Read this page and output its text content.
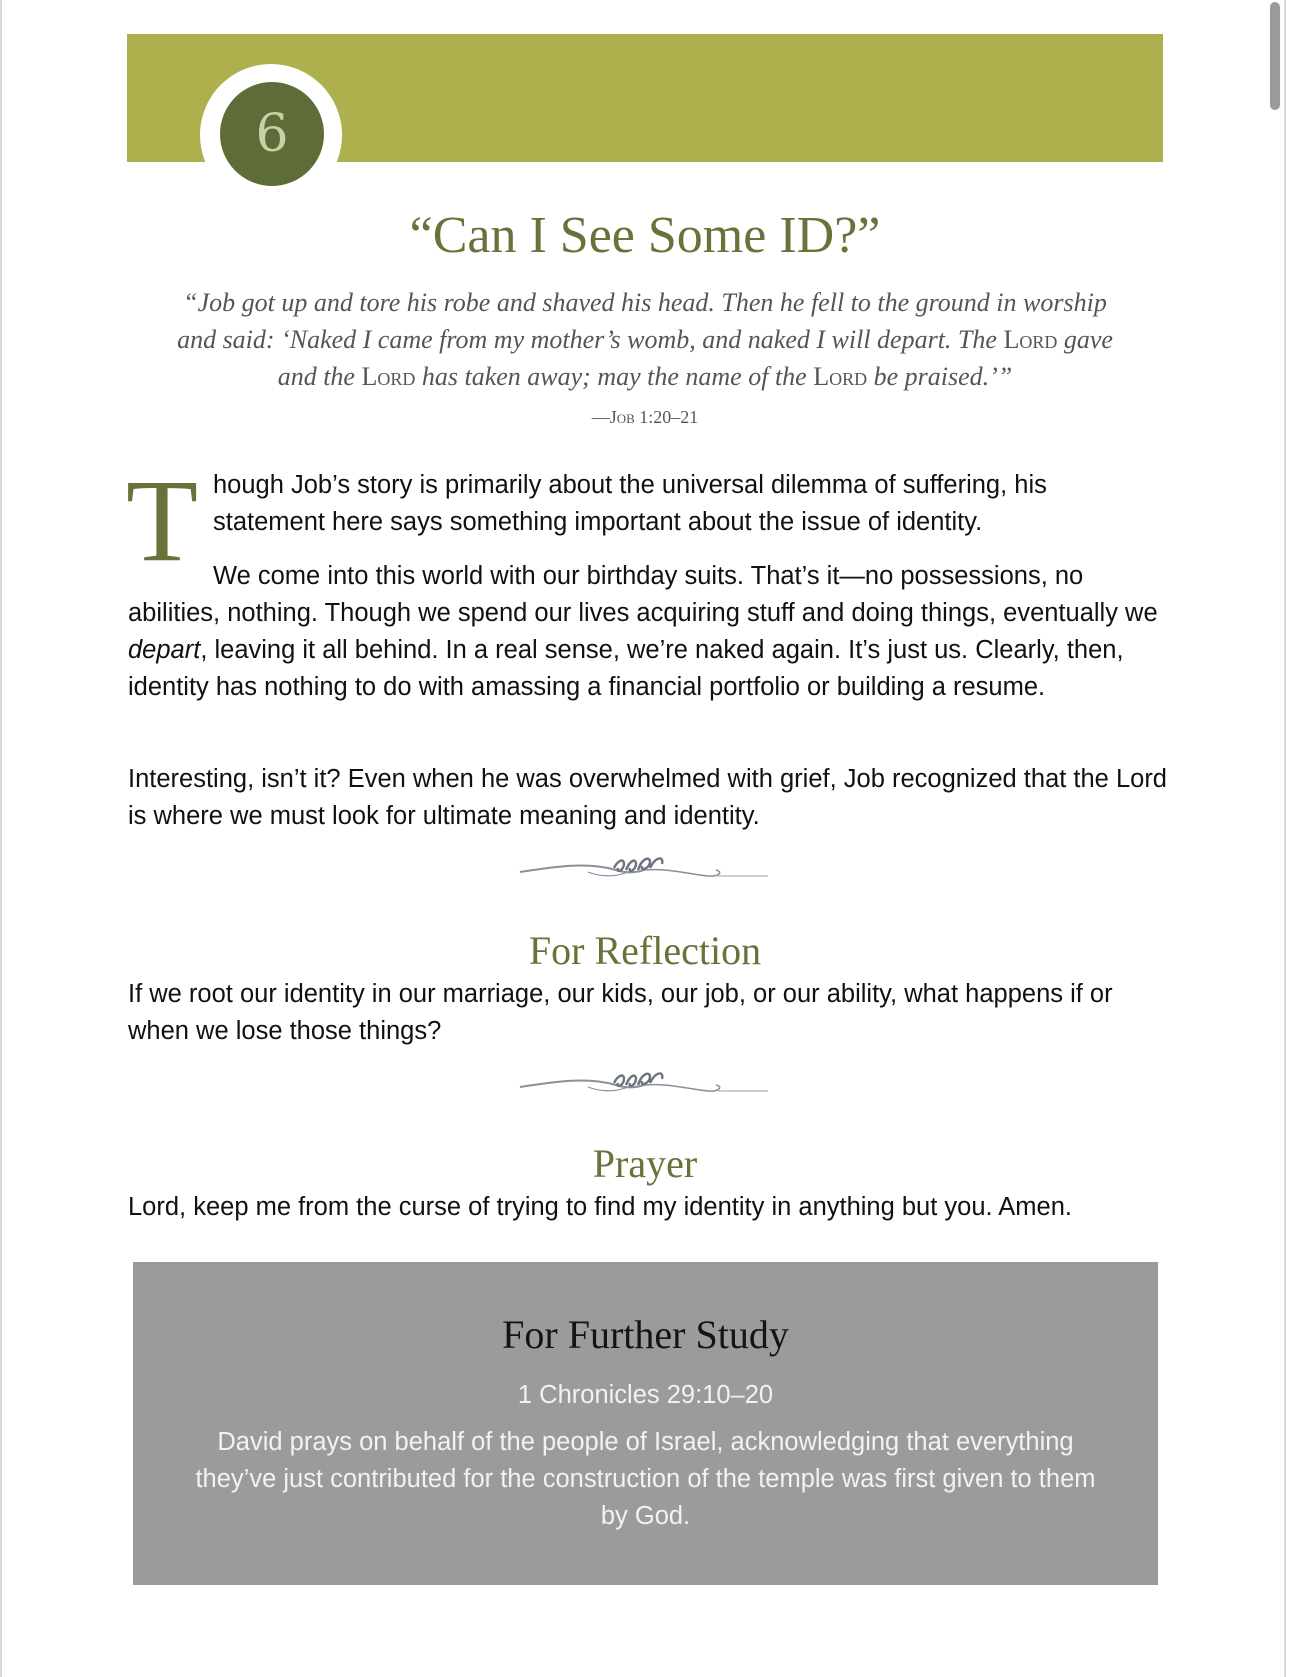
6
“Can I See Some ID?”
“Job got up and tore his robe and shaved his head. Then he fell to the ground in worship and said: ‘Naked I came from my mother’s womb, and naked I will depart. The Lord gave and the Lord has taken away; may the name of the Lord be praised.’”
—Job 1:20–21
T hough Job’s story is primarily about the universal dilemma of suffering, his statement here says something important about the issue of identity.
We come into this world with our birthday suits. That’s it—no possessions, no
abilities, nothing. Though we spend our lives acquiring stuff and doing things, eventually we depart, leaving it all behind. In a real sense, we’re naked again. It’s just us. Clearly, then, identity has nothing to do with amassing a financial portfolio or building a resume.
Interesting, isn’t it? Even when he was overwhelmed with grief, Job recognized that the Lord is where we must look for ultimate meaning and identity.
For Reflection
If we root our identity in our marriage, our kids, our job, or our ability, what happens if or when we lose those things?
Prayer
Lord, keep me from the curse of trying to find my identity in anything but you. Amen.
For Further Study
1 Chronicles 29:10–20
David prays on behalf of the people of Israel, acknowledging that everything they’ve just contributed for the construction of the temple was first given to them by God.
